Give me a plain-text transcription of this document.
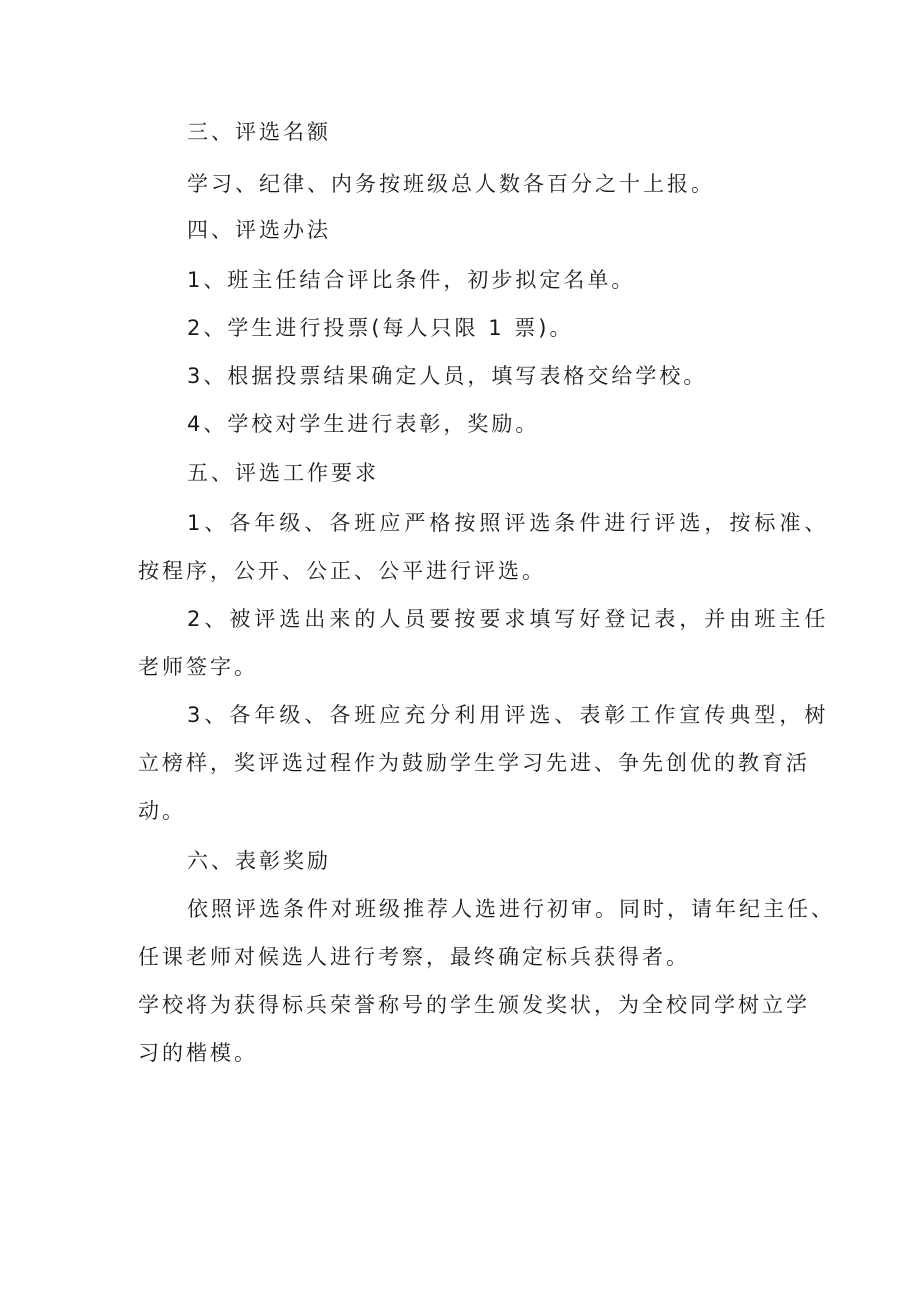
三、评选名额
学习、纪律、内务按班级总人数各百分之十上报。
四、评选办法
1、班主任结合评比条件，初步拟定名单。
2、学生进行投票(每人只限 1 票)。
3、根据投票结果确定人员，填写表格交给学校。
4、学校对学生进行表彰，奖励。
五、评选工作要求
1、各年级、各班应严格按照评选条件进行评选，按标准、
按程序，公开、公正、公平进行评选。
2、被评选出来的人员要按要求填写好登记表，并由班主任
老师签字。
3、各年级、各班应充分利用评选、表彰工作宣传典型，树
立榜样，奖评选过程作为鼓励学生学习先进、争先创优的教育活
动。
六、表彰奖励
依照评选条件对班级推荐人选进行初审。同时，请年纪主任、
任课老师对候选人进行考察，最终确定标兵获得者。
学校将为获得标兵荣誉称号的学生颁发奖状，为全校同学树立学
习的楷模。
